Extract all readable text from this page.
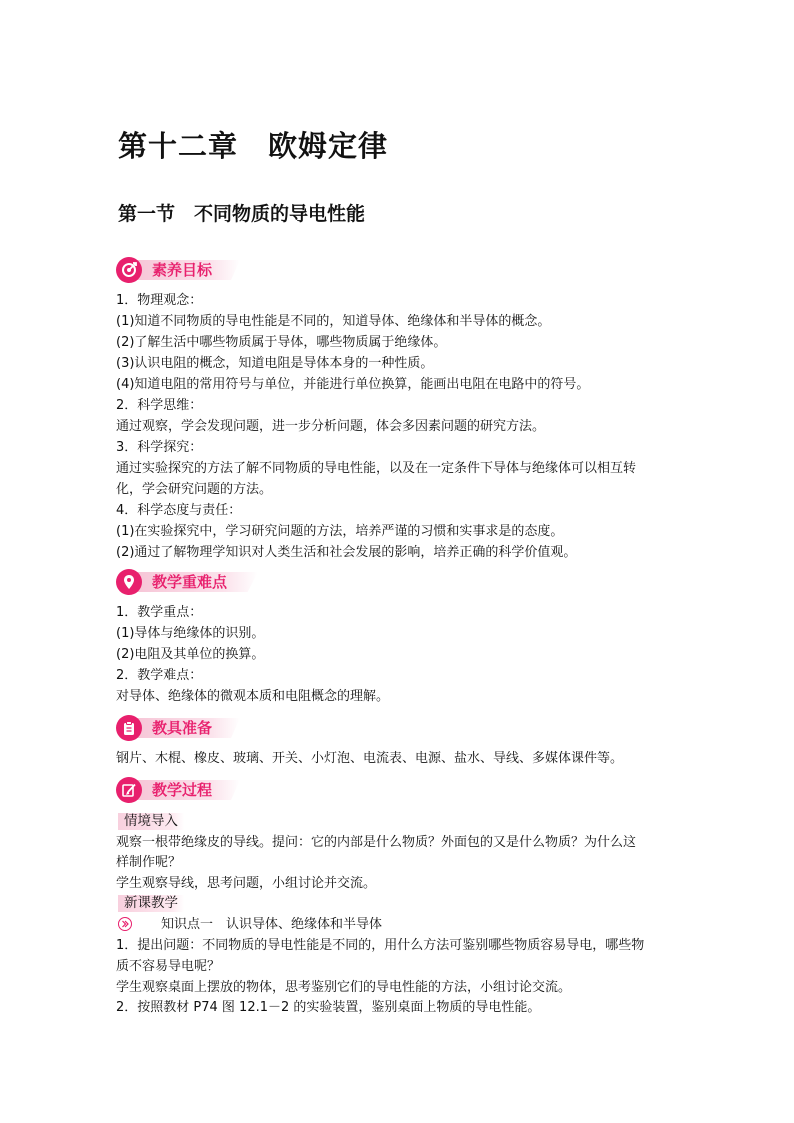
第十二章　欧姆定律
第一节　不同物质的导电性能
素养目标
1．物理观念：
(1)知道不同物质的导电性能是不同的，知道导体、绝缘体和半导体的概念。
(2)了解生活中哪些物质属于导体，哪些物质属于绝缘体。
(3)认识电阻的概念，知道电阻是导体本身的一种性质。
(4)知道电阻的常用符号与单位，并能进行单位换算，能画出电阻在电路中的符号。
2．科学思维：
通过观察，学会发现问题，进一步分析问题，体会多因素问题的研究方法。
3．科学探究：
通过实验探究的方法了解不同物质的导电性能，以及在一定条件下导体与绝缘体可以相互转
化，学会研究问题的方法。
4．科学态度与责任：
(1)在实验探究中，学习研究问题的方法，培养严谨的习惯和实事求是的态度。
(2)通过了解物理学知识对人类生活和社会发展的影响，培养正确的科学价值观。
教学重难点
1．教学重点：
(1)导体与绝缘体的识别。
(2)电阻及其单位的换算。
2．教学难点：
对导体、绝缘体的微观本质和电阻概念的理解。
教具准备
钢片、木棍、橡皮、玻璃、开关、小灯泡、电流表、电源、盐水、导线、多媒体课件等。
教学过程
情境导入
观察一根带绝缘皮的导线。提问：它的内部是什么物质？外面包的又是什么物质？为什么这
样制作呢？
学生观察导线，思考问题，小组讨论并交流。
新课教学
知识点一　认识导体、绝缘体和半导体
1．提出问题：不同物质的导电性能是不同的，用什么方法可鉴别哪些物质容易导电，哪些物
质不容易导电呢？
学生观察桌面上摆放的物体，思考鉴别它们的导电性能的方法，小组讨论交流。
2．按照教材 P74 图 12.1－2 的实验装置，鉴别桌面上物质的导电性能。
